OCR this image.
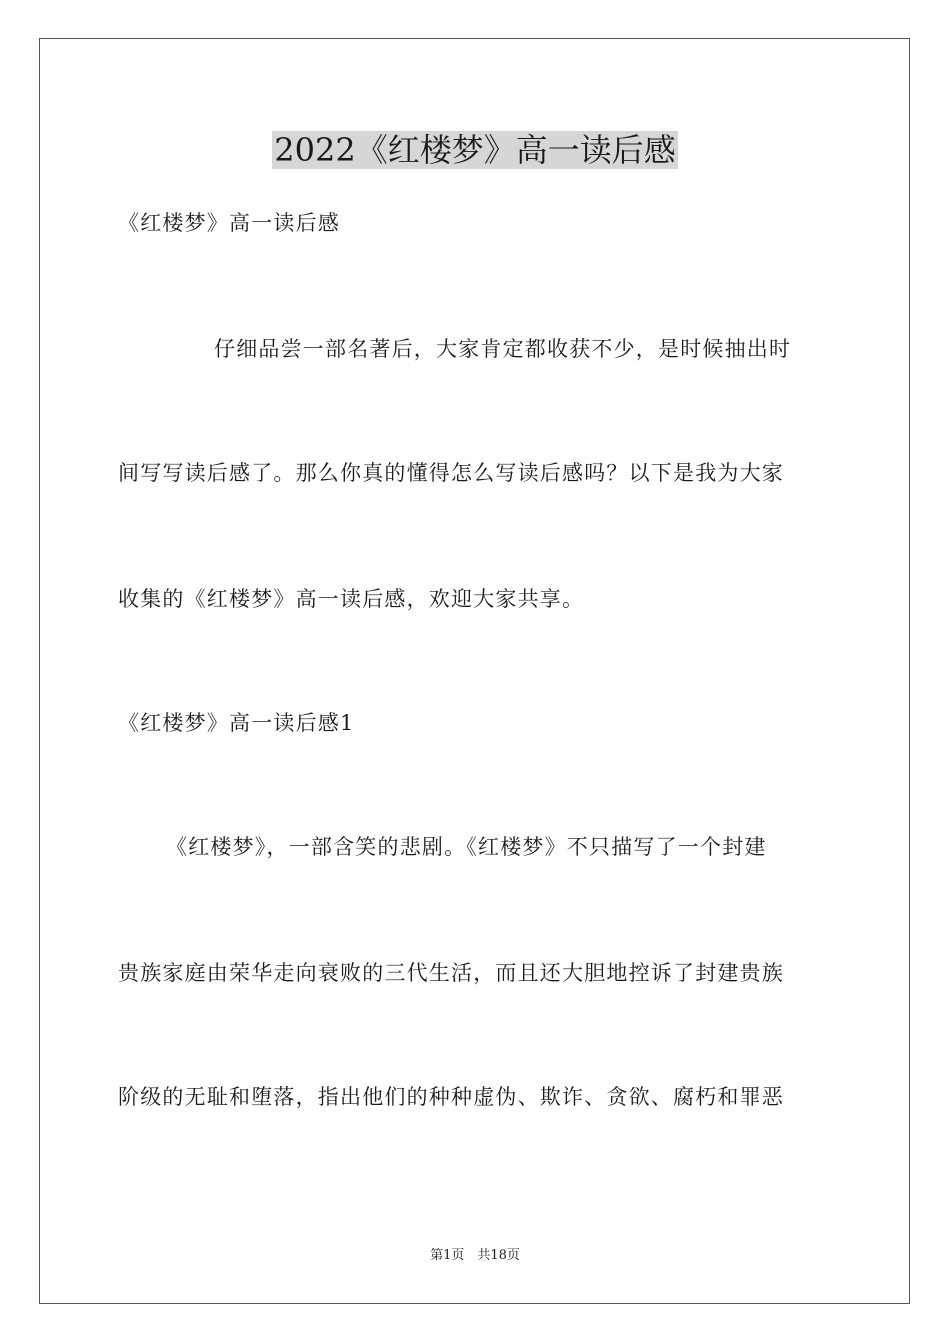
2022《红楼梦》高一读后感
《红楼梦》高一读后感
仔细品尝一部名著后，大家肯定都收获不少，是时候抽出时
间写写读后感了。那么你真的懂得怎么写读后感吗？以下是我为大家
收集的《红楼梦》高一读后感，欢迎大家共享。
《红楼梦》高一读后感1
《红楼梦》，一部含笑的悲剧。《红楼梦》不只描写了一个封建
贵族家庭由荣华走向衰败的三代生活，而且还大胆地控诉了封建贵族
阶级的无耻和堕落，指出他们的种种虚伪、欺诈、贪欲、腐朽和罪恶
第1页　共18页
